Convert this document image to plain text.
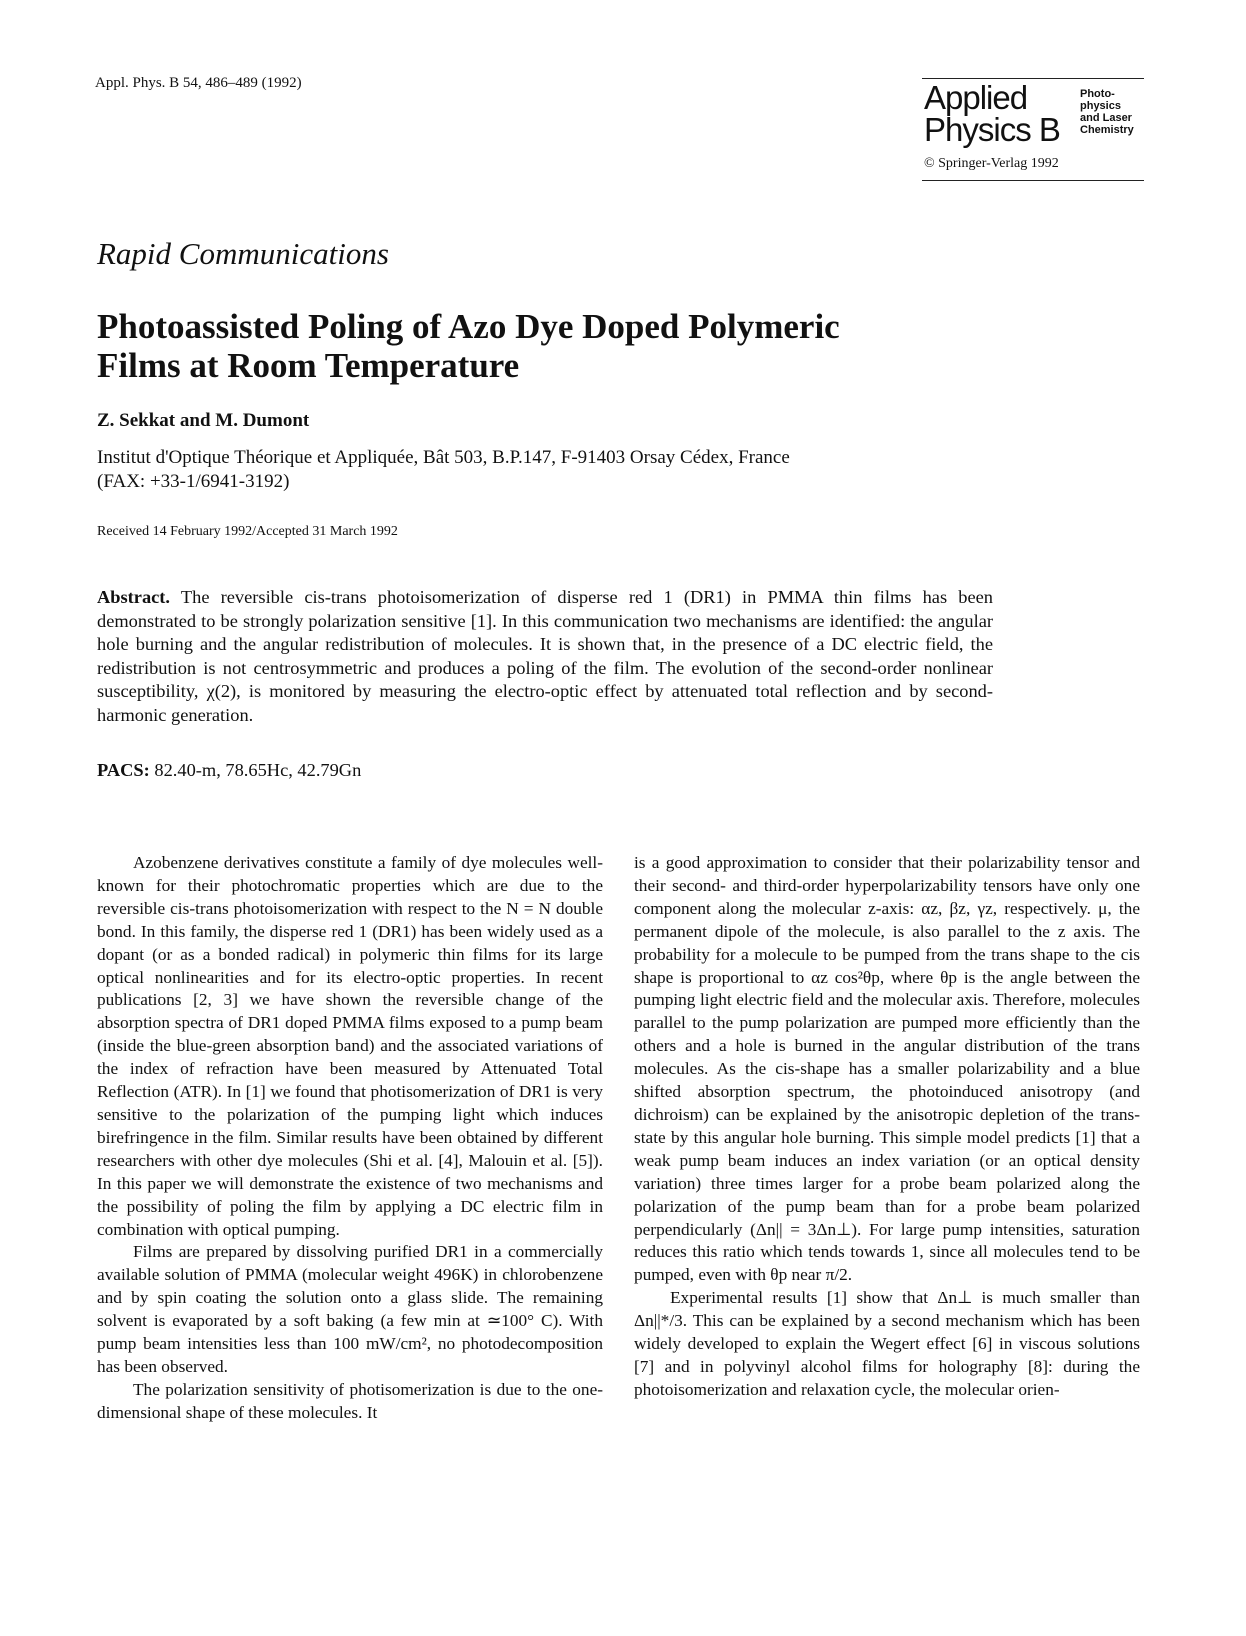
Appl. Phys. B 54, 486–489 (1992)	Applied
Physics B
Photo-
physics
and Laser
Chemistry
© Springer-Verlag 1992
Rapid Communications
Photoassisted Poling of Azo Dye Doped Polymeric
Films at Room Temperature
Z. Sekkat and M. Dumont
Institut d'Optique Théorique et Appliquée, Bât 503, B.P.147, F-91403 Orsay Cédex, France
(FAX: +33-1/6941-3192)
Received 14 February 1992/Accepted 31 March 1992
Abstract. The reversible cis-trans photoisomerization of disperse red 1 (DR1) in PMMA thin films has been demonstrated to be strongly polarization sensitive [1]. In this communication two mechanisms are identified: the angular hole burning and the angular redistribution of molecules. It is shown that, in the presence of a DC electric field, the redistribution is not centrosymmetric and produces a poling of the film. The evolution of the second-order nonlinear susceptibility, χ(2), is monitored by measuring the electro-optic effect by attenuated total reflection and by second-harmonic generation.
PACS: 82.40-m, 78.65Hc, 42.79Gn

Azobenzene derivatives constitute a family of dye molecules well-known for their photochromatic properties which are due to the reversible cis-trans photoisomerization with respect to the N = N double bond. In this family, the disperse red 1 (DR1) has been widely used as a dopant (or as a bonded radical) in polymeric thin films for its large optical nonlinearities and for its electro-optic properties. In recent publications [2, 3] we have shown the reversible change of the absorption spectra of DR1 doped PMMA films exposed to a pump beam (inside the blue-green absorption band) and the associated variations of the index of refraction have been measured by Attenuated Total Reflection (ATR). In [1] we found that photisomerization of DR1 is very sensitive to the polarization of the pumping light which induces birefringence in the film. Similar results have been obtained by different researchers with other dye molecules (Shi et al. [4], Malouin et al. [5]). In this paper we will demonstrate the existence of two mechanisms and the possibility of poling the film by applying a DC electric film in combination with optical pumping.

Films are prepared by dissolving purified DR1 in a commercially available solution of PMMA (molecular weight 496K) in chlorobenzene and by spin coating the solution onto a glass slide. The remaining solvent is evaporated by a soft baking (a few min at ≃100° C). With pump beam intensities less than 100 mW/cm², no photodecomposition has been observed.

The polarization sensitivity of photisomerization is due to the one-dimensional shape of these molecules. It

is a good approximation to consider that their polarizability tensor and their second- and third-order hyperpolarizability tensors have only one component along the molecular z-axis: αz, βz, γz, respectively. μ, the permanent dipole of the molecule, is also parallel to the z axis. The probability for a molecule to be pumped from the trans shape to the cis shape is proportional to αz cos²θp, where θp is the angle between the pumping light electric field and the molecular axis. Therefore, molecules parallel to the pump polarization are pumped more efficiently than the others and a hole is burned in the angular distribution of the trans molecules. As the cis-shape has a smaller polarizability and a blue shifted absorption spectrum, the photoinduced anisotropy (and dichroism) can be explained by the anisotropic depletion of the trans-state by this angular hole burning. This simple model predicts [1] that a weak pump beam induces an index variation (or an optical density variation) three times larger for a probe beam polarized along the polarization of the pump beam than for a probe beam polarized perpendicularly (Δn|| = 3Δn⊥). For large pump intensities, saturation reduces this ratio which tends towards 1, since all molecules tend to be pumped, even with θp near π/2.

Experimental results [1] show that Δn⊥ is much smaller than Δn||*/3. This can be explained by a second mechanism which has been widely developed to explain the Wegert effect [6] in viscous solutions [7] and in polyvinyl alcohol films for holography [8]: during the photoisomerization and relaxation cycle, the molecular orien-
